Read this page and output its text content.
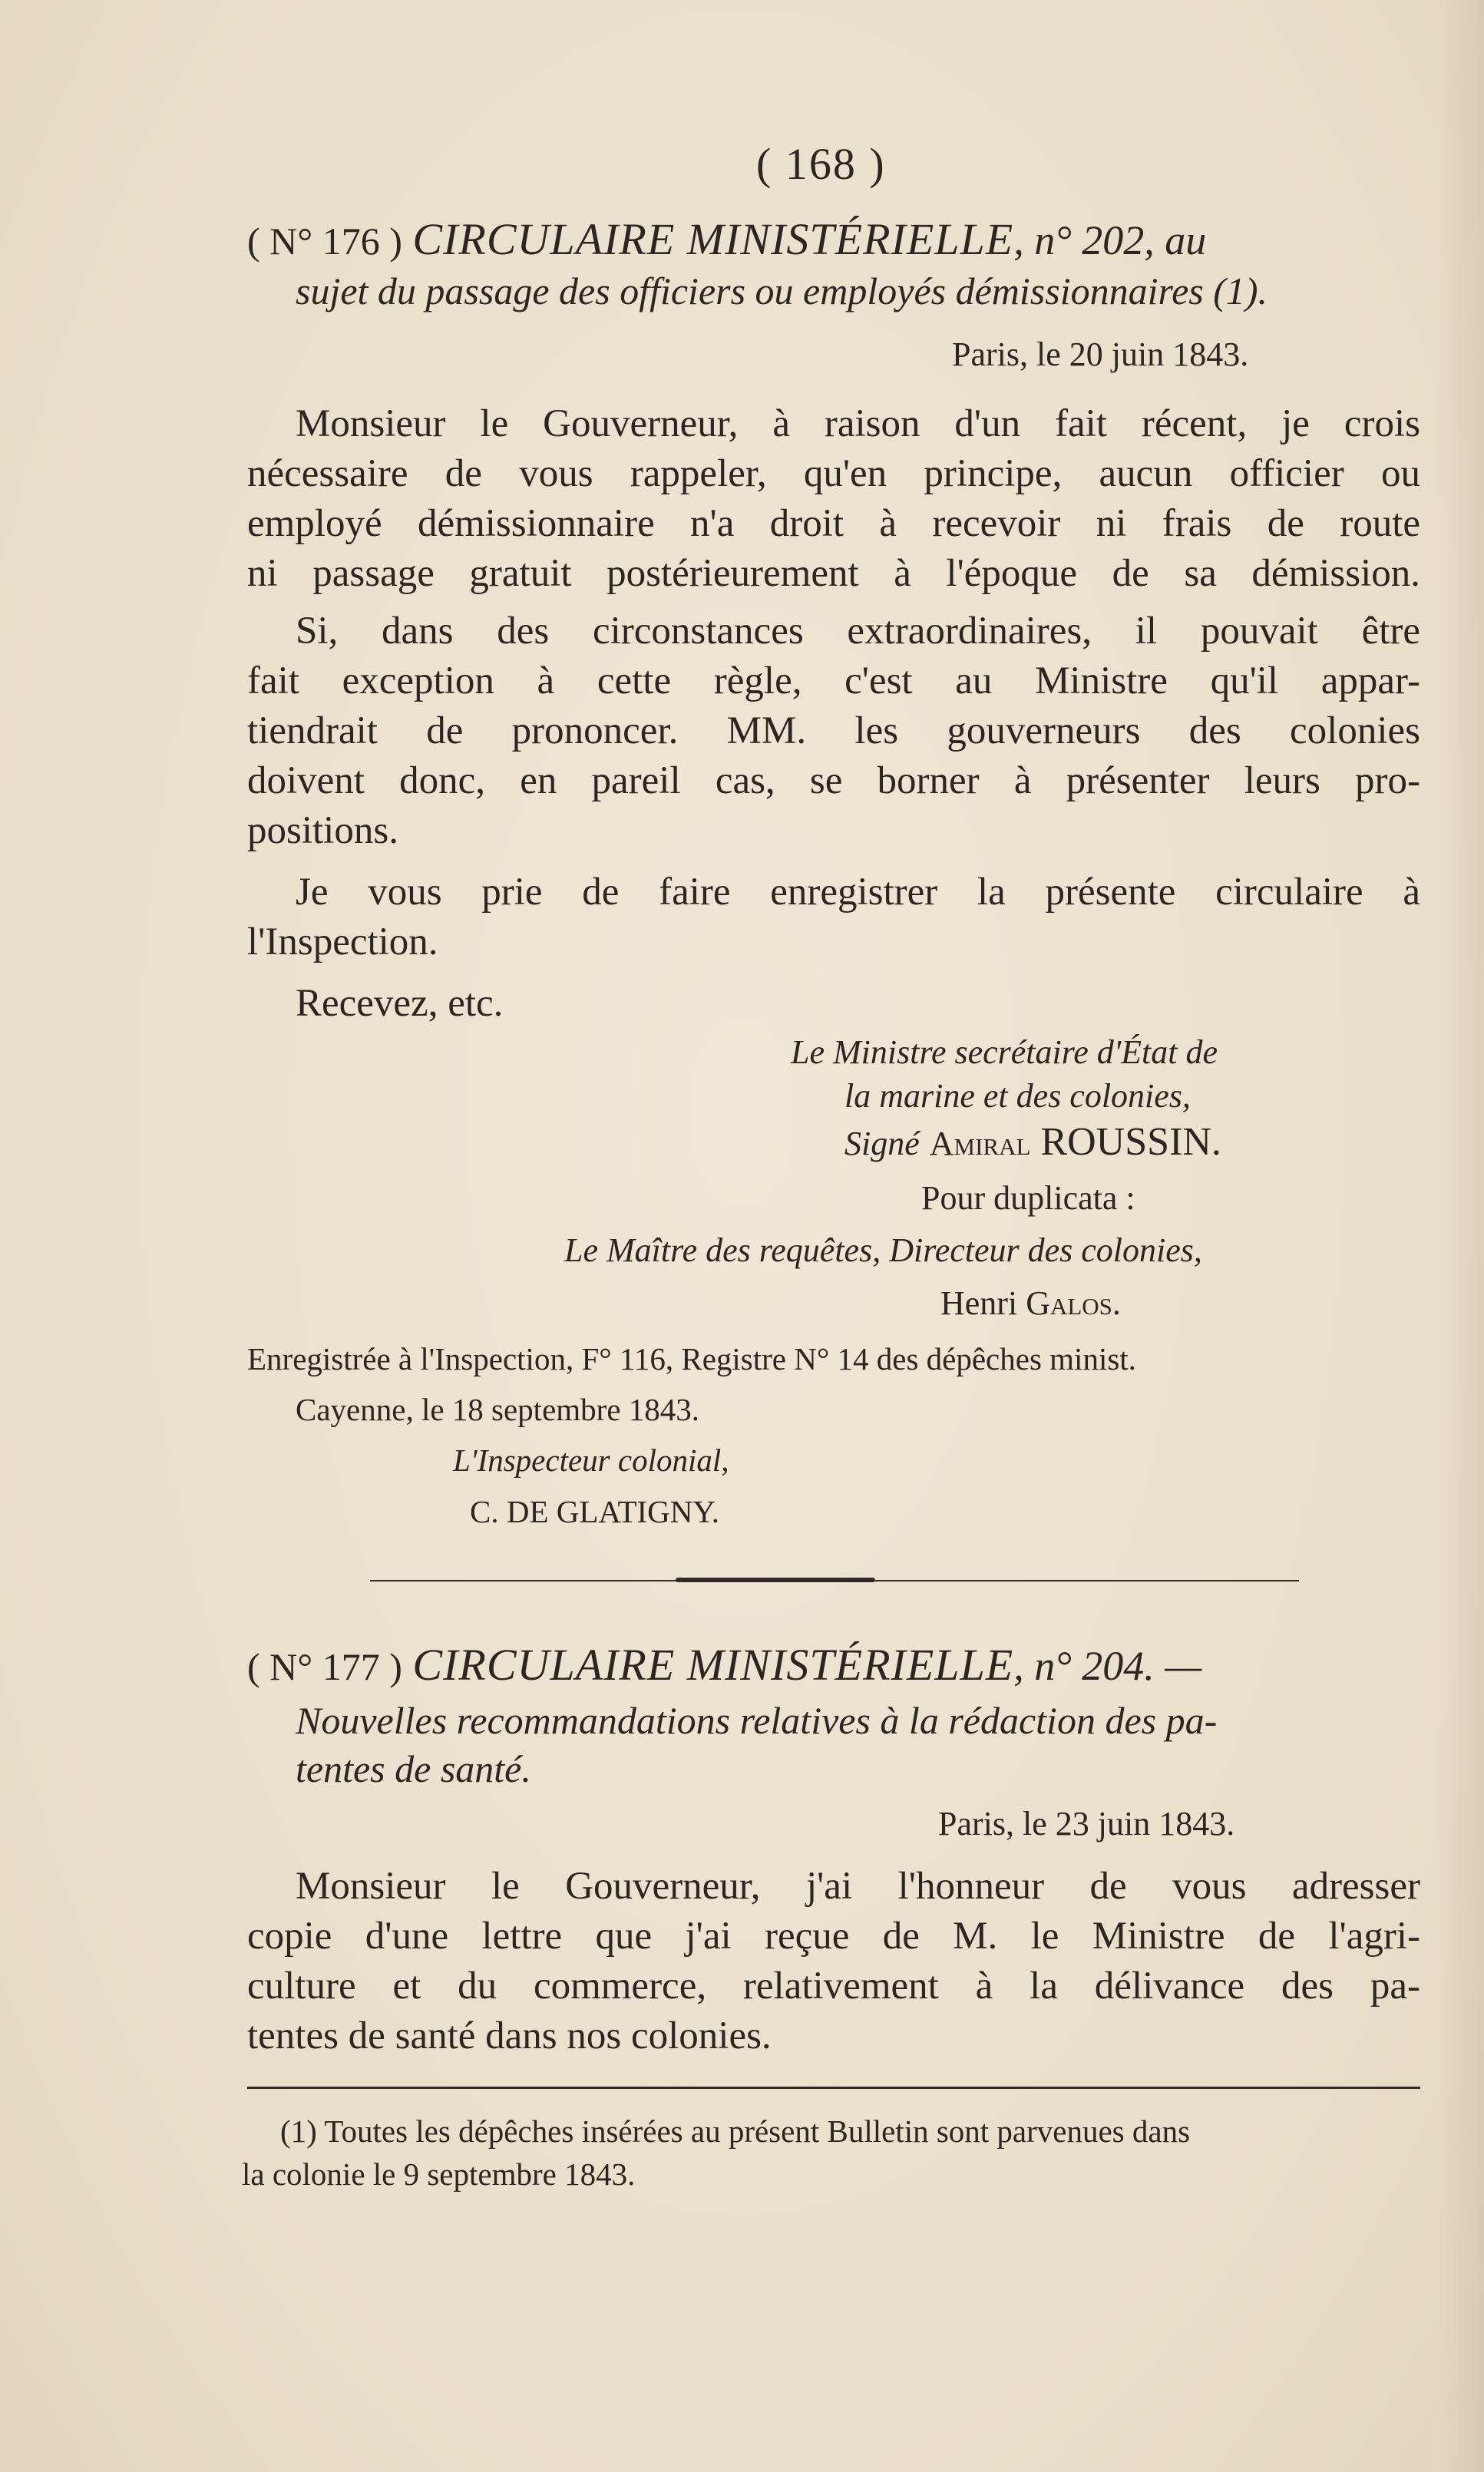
( 168 )
( N° 176 ) CIRCULAIRE MINISTÉRIELLE, n° 202, au
sujet du passage des officiers ou employés démissionnaires (1).
Paris, le 20 juin 1843.
Monsieur le Gouverneur, à raison d'un fait récent, je crois
nécessaire de vous rappeler, qu'en principe, aucun officier ou
employé démissionnaire n'a droit à recevoir ni frais de route
ni passage gratuit postérieurement à l'époque de sa démission.
Si, dans des circonstances extraordinaires, il pouvait être
fait exception à cette règle, c'est au Ministre qu'il appar-
tiendrait de prononcer. MM. les gouverneurs des colonies
doivent donc, en pareil cas, se borner à présenter leurs pro-
positions.
Je vous prie de faire enregistrer la présente circulaire à
l'Inspection.
Recevez, etc.
Le Ministre secrétaire d'État de
la marine et des colonies,
Signé Amiral ROUSSIN.
Pour duplicata :
Le Maître des requêtes, Directeur des colonies,
Henri Galos.
Enregistrée à l'Inspection, F° 116, Registre N° 14 des dépêches minist.
Cayenne, le 18 septembre 1843.
L'Inspecteur colonial,
C. DE GLATIGNY.
( N° 177 ) CIRCULAIRE MINISTÉRIELLE, n° 204. —
Nouvelles recommandations relatives à la rédaction des pa-
tentes de santé.
Paris, le 23 juin 1843.
Monsieur le Gouverneur, j'ai l'honneur de vous adresser
copie d'une lettre que j'ai reçue de M. le Ministre de l'agri-
culture et du commerce, relativement à la délivance des pa-
tentes de santé dans nos colonies.
(1) Toutes les dépêches insérées au présent Bulletin sont parvenues dans
la colonie le 9 septembre 1843.
